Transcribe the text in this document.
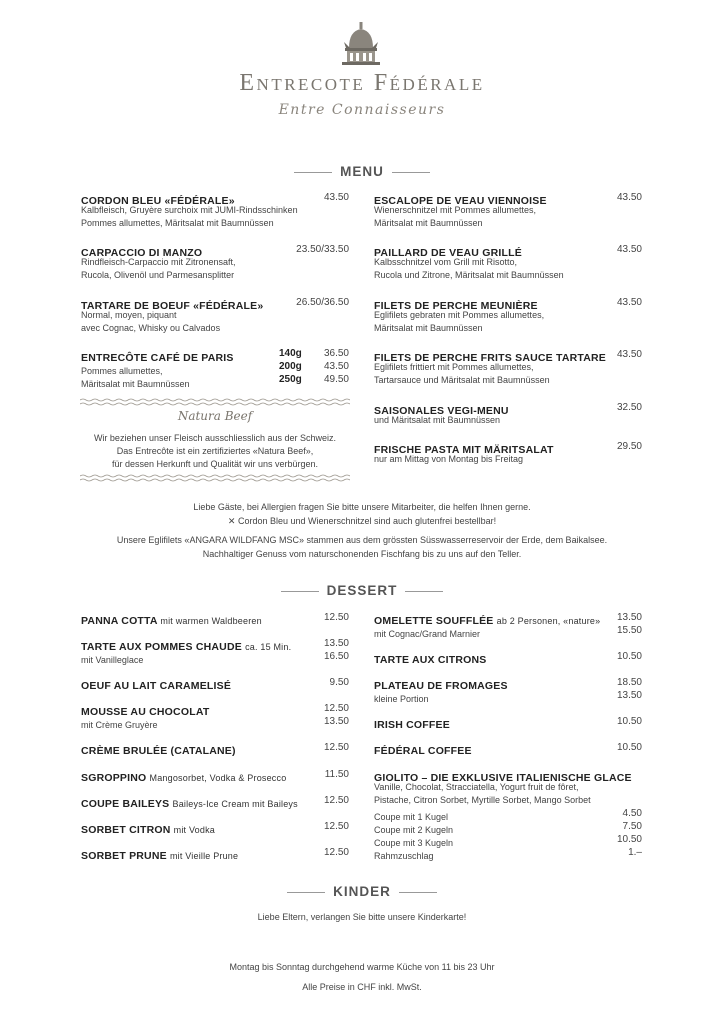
Entrecote Fédérale
Entre Connaisseurs
MENU
CORDON BLEU «FÉDÉRALE»	43.50
Kalbfleisch, Gruyère surchoix mit JUMI-Rindsschinken
Pommes allumettes, Märitsalat mit Baumnüssen
CARPACCIO DI MANZO	23.50/33.50
Rindfleisch-Carpaccio mit Zitronensaft,
Rucola, Olivenöl und Parmesansplitter
TARTARE DE BOEUF «FÉDÉRALE»	26.50/36.50
Normal, moyen, piquant
avec Cognac, Whisky ou Calvados
ENTRECÔTE CAFÉ DE PARIS	140g 36.50
Pommes allumettes,	200g 43.50
Märitsalat mit Baumnüssen	250g 49.50
Natura Beef
Wir beziehen unser Fleisch ausschliesslich aus der Schweiz.
Das Entrecôte ist ein zertifiziertes «Natura Beef»,
für dessen Herkunft und Qualität wir uns verbürgen.
ESCALOPE DE VEAU VIENNOISE	43.50
Wienerschnitzel mit Pommes allumettes,
Märitsalat mit Baumnüssen
PAILLARD DE VEAU GRILLÉ	43.50
Kalbsschnitzel vom Grill mit Risotto,
Rucola und Zitrone, Märitsalat mit Baumnüssen
FILETS DE PERCHE MEUNIÈRE	43.50
Egliﬁlets gebraten mit Pommes allumettes,
Märitsalat mit Baumnüssen
FILETS DE PERCHE FRITS SAUCE TARTARE 43.50
Egliﬁlets frittiert mit Pommes allumettes,
Tartarsauce und Märitsalat mit Baumnüssen
SAISONALES VEGI-MENU	32.50
und Märitsalat mit Baumnüssen
FRISCHE PASTA MIT MÄRITSALAT	29.50
nur am Mittag von Montag bis Freitag
Liebe Gäste, bei Allergien fragen Sie bitte unsere Mitarbeiter, die helfen Ihnen gerne.
✕ Cordon Bleu und Wienerschnitzel sind auch glutenfrei bestellbar!
Unsere Eglifilets «ANGARA WILDFANG MSC» stammen aus dem grössten Süsswasserreservoir der Erde, dem Baikalsee.
Nachhaltiger Genuss vom naturschonenden Fischfang bis zu uns auf den Teller.
DESSERT
PANNA COTTA mit warmen Waldbeeren	12.50
TARTE AUX POMMES CHAUDE ca. 15 Min.	13.50
mit Vanilleglace	16.50
OEUF AU LAIT CARAMELISÉ	9.50
MOUSSE AU CHOCOLAT	12.50
mit Crème Gruyère	13.50
CRÈME BRULÉE (CATALANE)	12.50
SGROPPINO Mangosorbet, Vodka & Prosecco	11.50
COUPE BAILEYS Baileys-Ice Cream mit Baileys	12.50
SORBET CITRON mit Vodka	12.50
SORBET PRUNE mit Vieille Prune	12.50
OMELETTE SOUFFLÉE ab 2 Personen, «nature» 13.50
mit Cognac/Grand Marnier	15.50
TARTE AUX CITRONS	10.50
PLATEAU DE FROMAGES	18.50
kleine Portion	13.50
IRISH COFFEE	10.50
FÉDÉRAL COFFEE	10.50
GIOLITO – DIE EXKLUSIVE ITALIENISCHE GLACE
Vanille, Chocolat, Stracciatella, Yogurt fruit de fôret,
Pistache, Citron Sorbet, Myrtille Sorbet, Mango Sorbet
Coupe mit 1 Kugel	4.50
Coupe mit 2 Kugeln	7.50
Coupe mit 3 Kugeln	10.50
Rahmzuschlag	1.–
KINDER
Liebe Eltern, verlangen Sie bitte unsere Kinderkarte!
Montag bis Sonntag durchgehend warme Küche von 11 bis 23 Uhr
Alle Preise in CHF inkl. MwSt.
